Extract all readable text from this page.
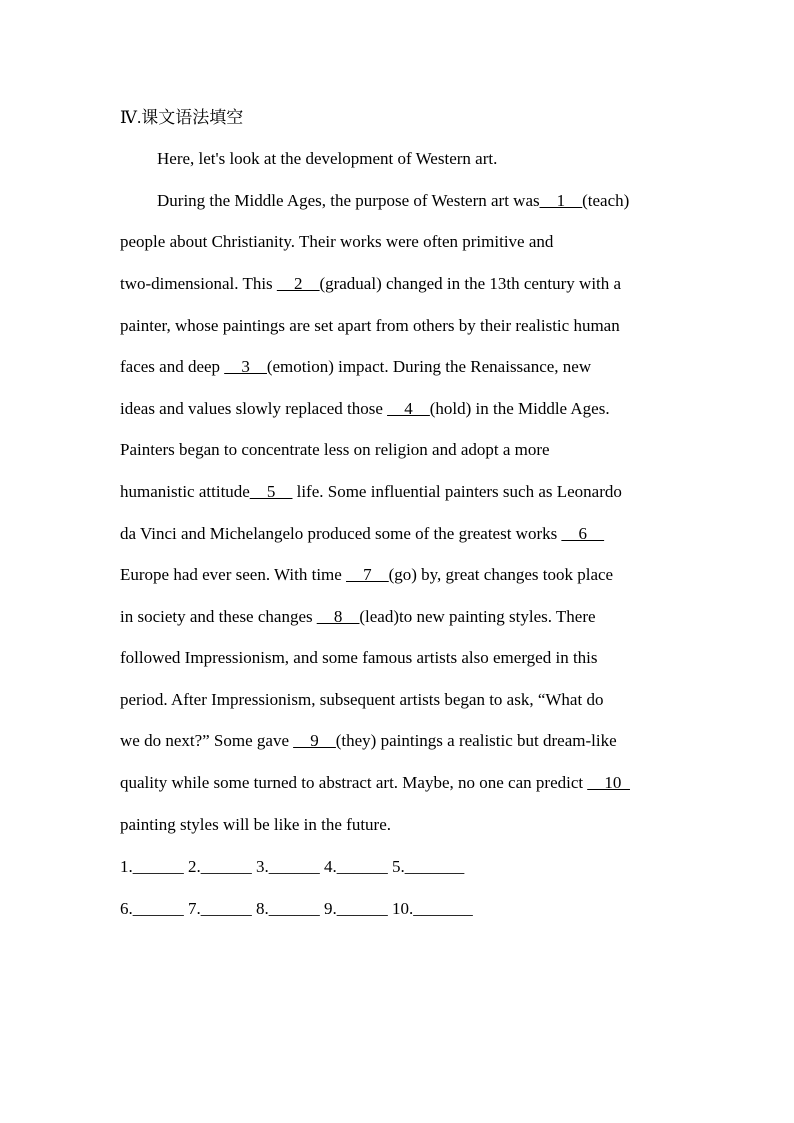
Ⅳ.课文语法填空
Here, let's look at the development of Western art.
During the Middle Ages, the purpose of Western art was__1__(teach)
people about Christianity. Their works were often primitive and
two-dimensional. This __2__(gradual) changed in the 13th century with a
painter, whose paintings are set apart from others by their realistic human
faces and deep __3__(emotion) impact. During the Renaissance, new
ideas and values slowly replaced those __4__(hold) in the Middle Ages.
Painters began to concentrate less on religion and adopt a more
humanistic attitude__5__ life. Some influential painters such as Leonardo
da Vinci and Michelangelo produced some of the greatest works __6__
Europe had ever seen. With time __7__(go) by, great changes took place
in society and these changes __8__(lead)to new painting styles. There
followed Impressionism, and some famous artists also emerged in this
period. After Impressionism, subsequent artists began to ask, “What do
we do next?” Some gave __9__(they) paintings a realistic but dream-like
quality while some turned to abstract art. Maybe, no one can predict __10_
painting styles will be like in the future.
1.______ 2.______ 3.______ 4.______ 5._______
6.______ 7.______ 8.______ 9.______ 10._______
